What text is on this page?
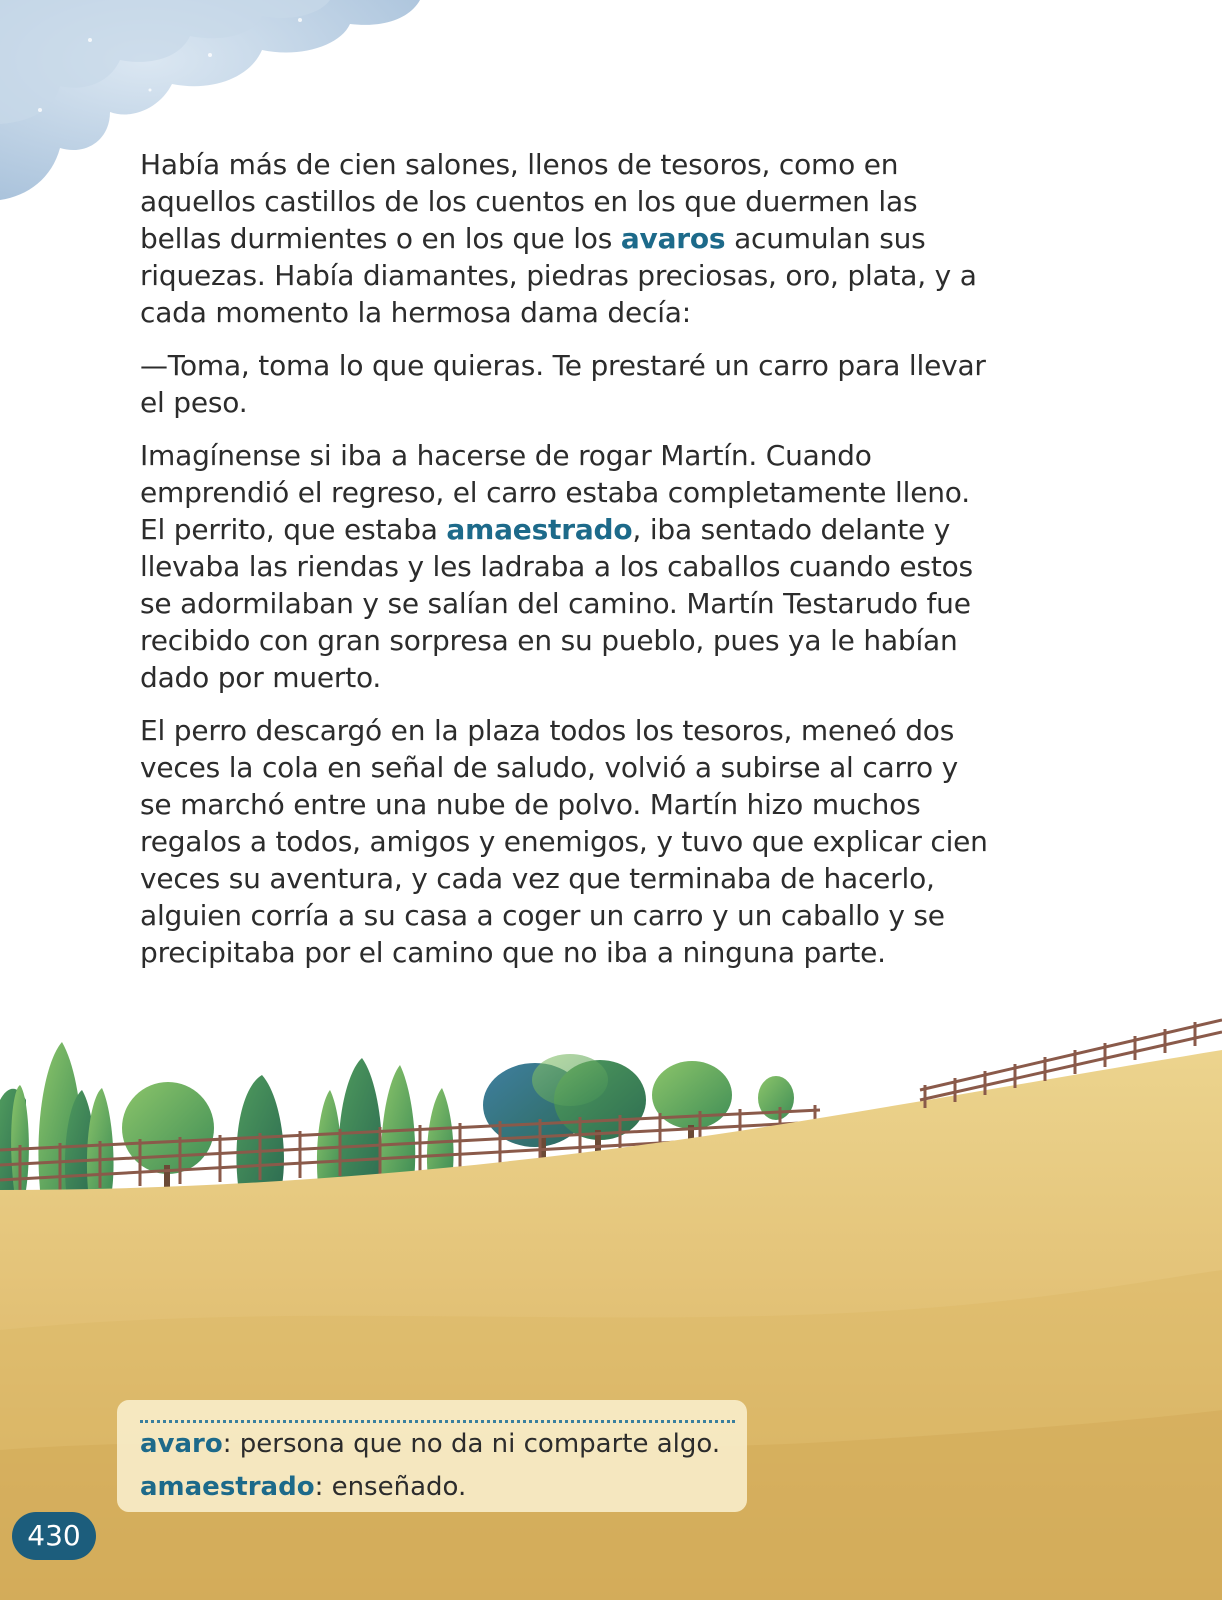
Había más de cien salones, llenos de tesoros, como en aquellos castillos de los cuentos en los que duermen las bellas durmientes o en los que los avaros acumulan sus riquezas. Había diamantes, piedras preciosas, oro, plata, y a cada momento la hermosa dama decía:

—Toma, toma lo que quieras. Te prestaré un carro para llevar el peso.

Imagínense si iba a hacerse de rogar Martín. Cuando emprendió el regreso, el carro estaba completamente lleno. El perrito, que estaba amaestrado, iba sentado delante y llevaba las riendas y les ladraba a los caballos cuando estos se adormilaban y se salían del camino. Martín Testarudo fue recibido con gran sorpresa en su pueblo, pues ya le habían dado por muerto.

El perro descargó en la plaza todos los tesoros, meneó dos veces la cola en señal de saludo, volvió a subirse al carro y se marchó entre una nube de polvo. Martín hizo muchos regalos a todos, amigos y enemigos, y tuvo que explicar cien veces su aventura, y cada vez que terminaba de hacerlo, alguien corría a su casa a coger un carro y un caballo y se precipitaba por el camino que no iba a ninguna parte.

avaro: persona que no da ni comparte algo.
amaestrado: enseñado.
430
